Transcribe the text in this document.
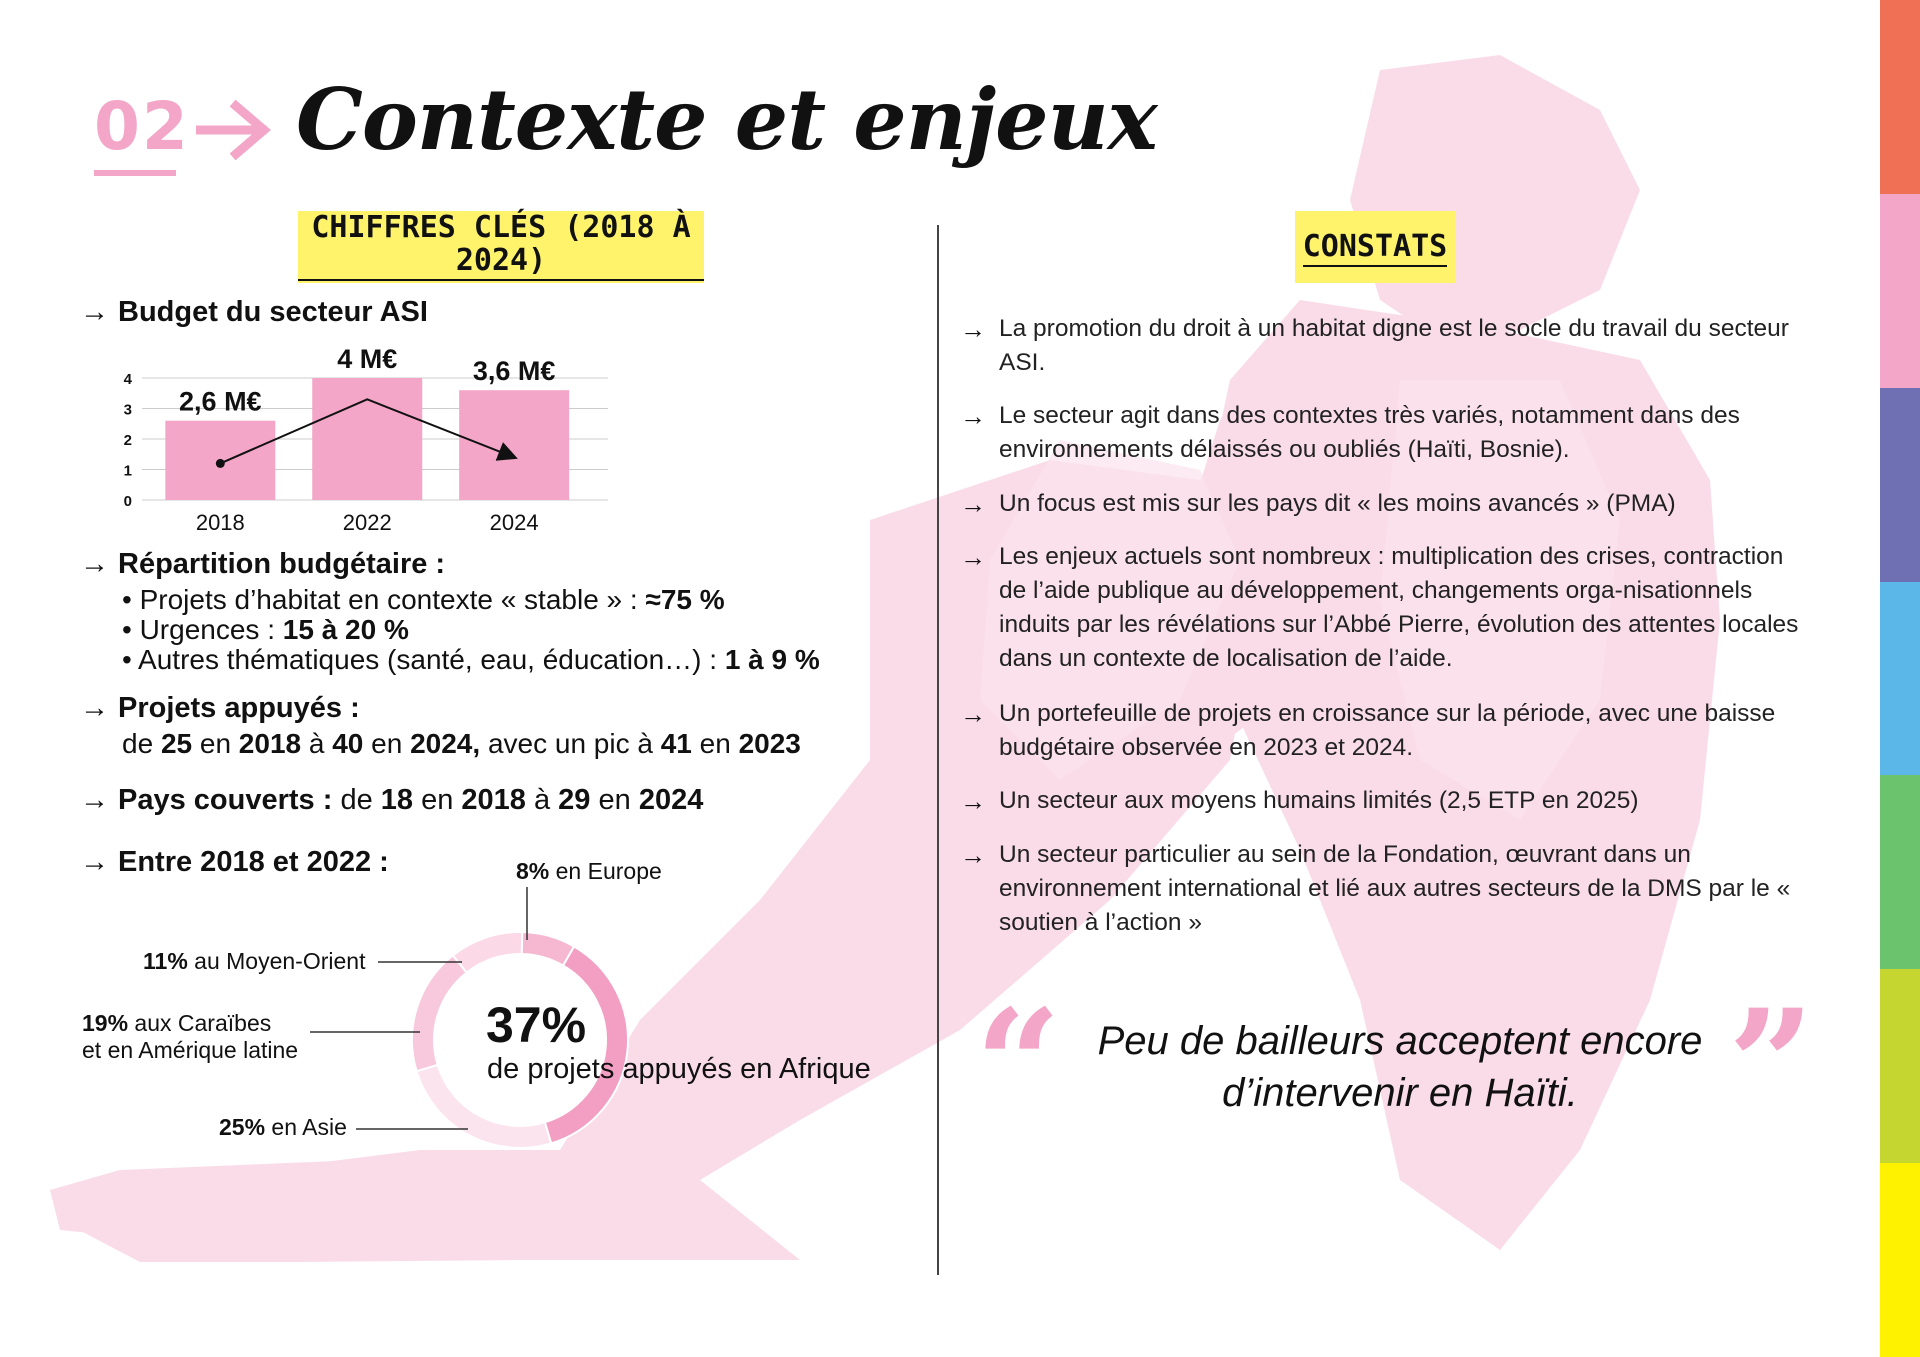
02 Contexte et enjeux
CHIFFRES CLÉS (2018 À 2024)	CONSTATS
→ Budget du secteur ASI
0
1
2
3
4
2,6 M€
2018
4 M€
2022
3,6 M€
2024
→ Répartition budgétaire :
• Projets d’habitat en contexte « stable » : ≈75 %
• Urgences : 15 à 20 %
• Autres thématiques (santé, eau, éducation…) : 1 à 9 %
→ Projets appuyés :
de 25 en 2018 à 40 en 2024, avec un pic à 41 en 2023
→ Pays couverts : de 18 en 2018 à 29 en 2024
→ Entre 2018 et 2022 :	8% en Europe
11% au Moyen-Orient
19% aux Caraïbes
et en Amérique latine
25% en Asie
37%
de projets appuyés en Afrique
→ La promotion du droit à un habitat digne est le socle du travail du secteur ASI.
→ Le secteur agit dans des contextes très variés, notamment dans des environnements délaissés ou oubliés (Haïti, Bosnie).
→ Un focus est mis sur les pays dit « les moins avancés » (PMA)
→ Les enjeux actuels sont nombreux : multiplication des crises, contraction de l’aide publique au développement, changements orga-nisationnels induits par les révélations sur l’Abbé Pierre, évolution des attentes locales dans un contexte de localisation de l’aide.
→ Un portefeuille de projets en croissance sur la période, avec une baisse budgétaire observée en 2023 et 2024.
→ Un secteur aux moyens humains limités (2,5 ETP en 2025)
→ Un secteur particulier au sein de la Fondation, œuvrant dans un environnement international et lié aux autres secteurs de la DMS par le « soutien à l’action »
“	”
Peu de bailleurs acceptent encore d’intervenir en Haïti.
